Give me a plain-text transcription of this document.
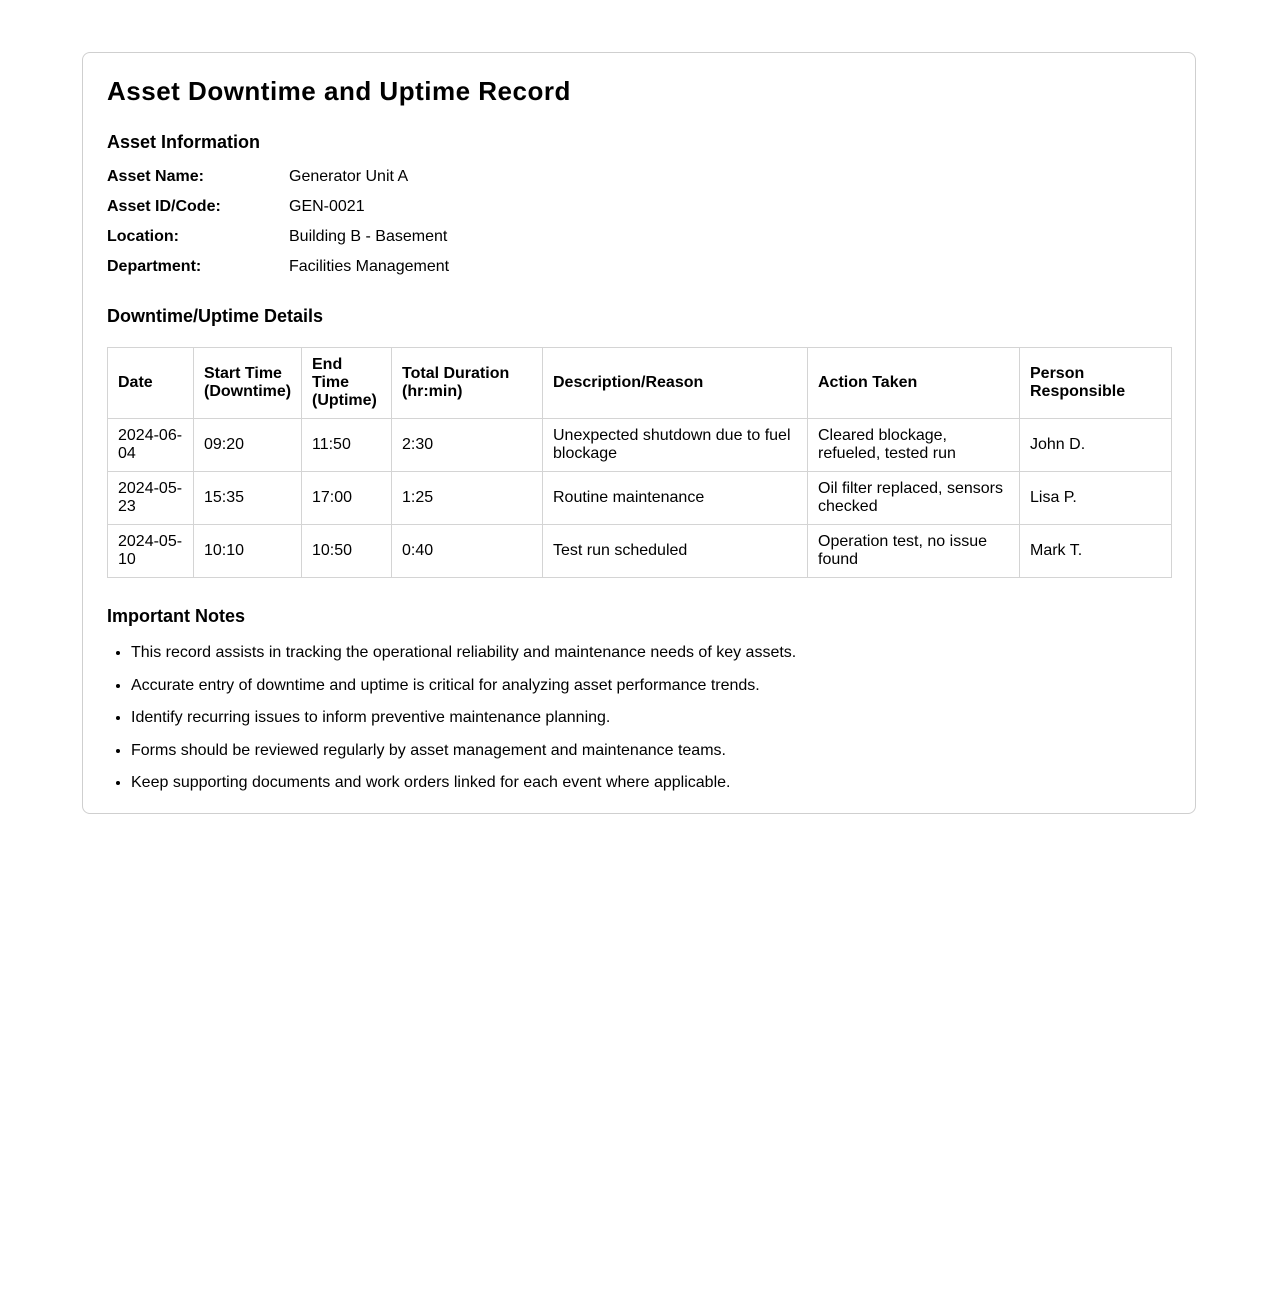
Asset Downtime and Uptime Record
Asset Information
Asset Name:	Generator Unit A
Asset ID/Code:	GEN-0021
Location:	Building B - Basement
Department:	Facilities Management
Downtime/Uptime Details
Date	Start Time (Downtime)	End Time (Uptime)	Total Duration (hr:min)	Description/Reason	Action Taken	Person Responsible
2024-06-04	09:20	11:50	2:30	Unexpected shutdown due to fuel blockage	Cleared blockage, refueled, tested run	John D.
2024-05-23	15:35	17:00	1:25	Routine maintenance	Oil filter replaced, sensors checked	Lisa P.
2024-05-10	10:10	10:50	0:40	Test run scheduled	Operation test, no issue found	Mark T.
Important Notes
• This record assists in tracking the operational reliability and maintenance needs of key assets.
• Accurate entry of downtime and uptime is critical for analyzing asset performance trends.
• Identify recurring issues to inform preventive maintenance planning.
• Forms should be reviewed regularly by asset management and maintenance teams.
• Keep supporting documents and work orders linked for each event where applicable.
